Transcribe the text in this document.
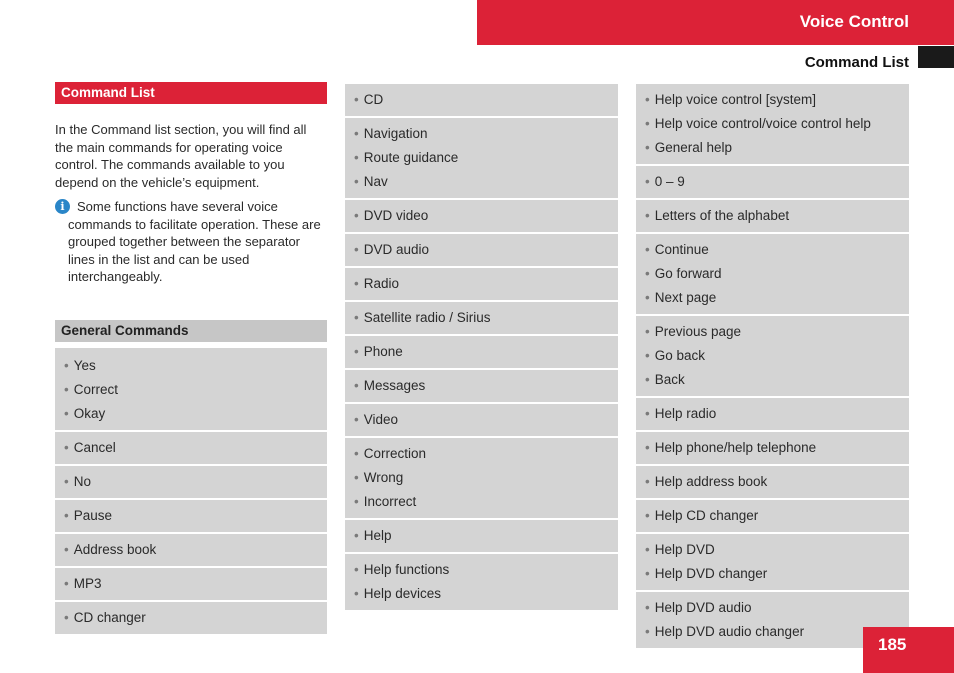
Voice Control
Command List
Command List
In the Command list section, you will find all the main commands for operating voice control. The commands available to you depend on the vehicle’s equipment.
i Some functions have several voice commands to facilitate operation. These are grouped together between the separator lines in the list and can be used interchangeably.
General Commands
• Yes
• Correct
• Okay
• Cancel
• No
• Pause
• Address book
• MP3
• CD changer
• CD
• Navigation
• Route guidance
• Nav
• DVD video
• DVD audio
• Radio
• Satellite radio / Sirius
• Phone
• Messages
• Video
• Correction
• Wrong
• Incorrect
• Help
• Help functions
• Help devices
• Help voice control [system]
• Help voice control/voice control help
• General help
• 0 – 9
• Letters of the alphabet
• Continue
• Go forward
• Next page
• Previous page
• Go back
• Back
• Help radio
• Help phone/help telephone
• Help address book
• Help CD changer
• Help DVD
• Help DVD changer
• Help DVD audio
• Help DVD audio changer
185
